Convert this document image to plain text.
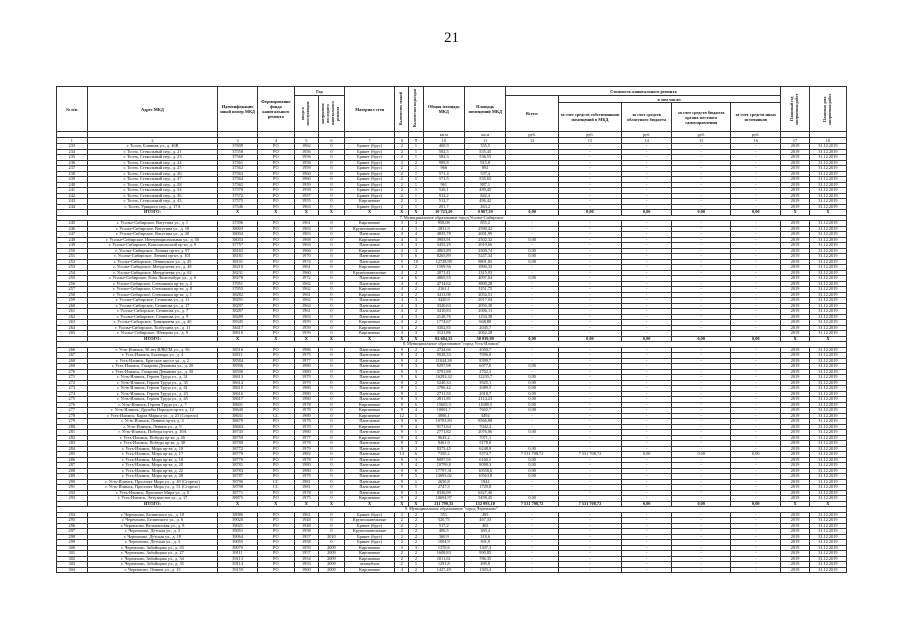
21
№ п/п	Адрес МКД	Идентификацио нный номер МКД	Формирование фонда капитального ремонта	Год		Материал стен	Количество этажей	Количество подъездов	Общая площадь МКД	Площадь помещений МКД	Стоимость капитального ремонта					Плановый год завершения работ	Плановая дата завершения работ
				ввода в эксплуатацию	завершения последнего капитального ремонта						Всего:	в том числе:					
												за счет средств собственников помещений в МКД	за счет средств областного бюджета	за счет средств бюджета органа местного самоуправления	за счет средств иных источников		
									кв.м	кв.м	руб.	руб.	руб.	руб.	руб.		
1	2	3	4	5	6	7	8	9	10	11	12	13	14	15	16	17	18
233	г. Тосно, Блинная ул., д. 46В	37699	РО	1962	0	Брикет (брус)	2	1	400,9	335,5		-	-	-	-	2019	31.12.2019
234	г. Тосно, Стекольный пер., д. 21	37558	РО	1956	0	Брикет (брус)	2	1	582,5	535,45		-	-	-	-	2019	31.12.2019
235	г. Тосно, Стекольный пер., д. 23	37560	РО	1956	0	Брикет (брус)	2	1	582,3	536,55		-	-	-	-	2019	31.12.2019
236	г. Тосно, Стекольный пер., д. 24	37561	РО	1956	0	Брикет (брус)	2	2	989,8	915,8		-	-	-	-	2019	31.12.2019
237	г. Тосно, Стекольный пер., д. 25	37562	РО	1959	0	Брикет (брус)	2	1	966	892		-	-	-	-	2019	31.12.2019
238	г. Тосно, Стекольный пер., д. 26	37563	РО	1960	0	Брикет (брус)	2	1	571,4	537,4		-	-	-	-	2019	31.12.2019
239	г. Тосно, Стекольный пер., д. 27	37564	РО	1960	0	Брикет (брус)	2	1	571,5	535,65		-	-	-	-	2019	31.12.2019
240	г. Тосно, Стекольный пер., д. 28	37565	РО	1959	0	Брикет (брус)	2	1	961	887,1		-	-	-	-	2019	31.12.2019
241	г. Тосно, Стекольный пер., д. 34	37570	РО	1958	0	Брикет (брус)	2	1	526,1	480,45		-	-	-	-	2019	31.12.2019
242	г. Тосно, Стекольный пер., д. 36	37572	РО	1957	0	Брикет (брус)	2	1	912,2	842,4		-	-	-	-	2019	31.12.2019
243	г. Тосно, Стекольный пер., д. 43	37575	РО	1955	0	Кирпичные	2	1	512,7	496,42		-	-	-	-	2019	31.12.2019
244	г. Тосно, Урицкого пер., д. 17А	37546	РО	1963	0	Брикет (брус)	2	1	291,7	263,2		-	-	-	-	2019	31.12.2019
	ИТОГО:	X	X	X	X	X	X	X	10 723,20	9 967,30	0,00	0,00	0,00	0,00	0,00	X	X
7. Муниципальное образование город Усолье-Сибирское																	
245	г. Усолье-Сибирское, Ватутина ул., д. 1	37596	РО	1961	0	Кирпичные	3	3	958,08	855,2	-	-	-	-	-	2019	31.12.2019
246	г. Усолье-Сибирское, Ватутина ул., д. 18	38003	РО	1963	0	Крупнопанельные	4	3	2831,9	2590,42	-	-	-	-	-	2019	31.12.2019
247	г. Усолье-Сибирское, Ватутина ул., д. 20	38004	РО	1963	0	Панельные	4	4	4835,78	2691,99	-	-	-	-	-	2019	31.12.2019
248	г. Усолье-Сибирское, Интернациональная ул., д. 50	38033	РО	1968	0	Кирпичные	4	3	3903,91	2502,32	0,00	-	-	-	-	2019	31.12.2019
249	г. Усолье-Сибирское, Комсомольский пр-кт, д. 9	37757	РО	1963	0	Панельные	4	3	3455,25	2019,66	-	-	-	-	-	2019	31.12.2019
250	г. Усолье-Сибирское, Ленина пр-кт, д. 97	38165	РО	1966	0	Кирпичные	4	3	4863,89	2300,74	0,00	-	-	-	-	2019	31.12.2019
251	г. Усолье-Сибирское, Ленина пр-кт, д. 101	38181	РО	1970	0	Панельные	5	6	8265,89	5247,34	0,00	-	-	-	-	2019	31.12.2019
252	г. Усолье-Сибирское, Ленинского ул., д. 45	38191	РО	1974	0	Панельные	5	10	12728,99	8801,85	0,00	-	-	-	-	2019	31.12.2019
253	г. Усолье-Сибирское, Менделеева ул., д. 48	38210	РО	1961	0	Кирпичные	4	2	1509,56	1890,33	-	-	-	-	-	2019	31.12.2019
254	г. Усолье-Сибирское, Менделеева ул., д. 62	38231	РО	1960	0	Крупнопанельные	4	2	2071,41	1315,93	-	-	-	-	-	2019	31.12.2019
255	г. Усолье-Сибирское, Розы Люксембург ул., д. 6	38278	РО	1972	0	Панельные	4	6	4865,55	4097,04	0,00	-	-	-	-	2019	31.12.2019
256	г. Усолье-Сибирское, Стекляшки пр-кт, д. 2	37951	РО	1962	0	Панельные	4	4	4714,62	3800,28	-	-	-	-	-	2019	31.12.2019
257	г. Усолье-Сибирское, Стекляшки пр-кт, д. 8	37955	РО	1962	0	Кирпичные	4	2	2161,1	1251,75	-	-	-	-	-	2019	31.12.2019
258	г. Усолье-Сибирское, Стекляшки пр-кт, д. 1	38282	РО	1961	0	Кирпичные	4	2	3411,08	2052,51	-	-	-	-	-	2019	31.12.2019
259	г. Усолье-Сибирское, Сечинова ул., д. 11	38291	РО	1962	0	Панельные	4	3	3420,9	2017,04	-	-	-	-	-	2019	31.12.2019
260	г. Усолье-Сибирское, Сечинова ул., д. 17	38297	РО	1964	0	Панельные	4	3	3320,63	2050,38	-	-	-	-	-	2019	31.12.2019
261	г. Усолье-Сибирское, Сечинова ул., д. 7	38287	РО	1961	0	Панельные	4	2	3410,83	2006,11	-	-	-	-	-	2019	31.12.2019
262	г. Усолье-Сибирское, Сечинова ул., д. 9	38289	РО	1963	0	Панельные	4	3	2128,76	1234,38	-	-	-	-	-	2019	31.12.2019
263	г. Усолье-Сибирское, Тимирязева ул., д. 40	38345	РО	1959	0	Кирпичные	4	2	1774,67	668,88	-	-	-	-	-	2019	31.12.2019
264	г. Усолье-Сибирское, Толбухина ул., д. 11	38417	РО	1959	0	Кирпичные	3	2	3302,85	2045,7	-	-	-	-	-	2019	31.12.2019
265	г. Усолье-Сибирское, Шевцова ул., д. 9	38616	РО	1959	0	Кирпичные	4	3	3121,86	2062,28	-	-	-	-	-	2019	31.12.2019
	ИТОГО:	X	X	X	X	X	X	X	82 684,15	50 839,99	0,00	0,00	0,00	0,00	0,00	X	X
8. Муниципальное образование "город Усть-Илимск"																	
266	г. Усть-Илимск, 50 лет ВЛКСМ ул., д. 56	38516	РО	1986	0	Панельные	9	2	2724,66	2050,7	-	-	-	-	-	2019	31.12.2019
267	г. Усть-Илимск, Богатырь ул., д. 4	38511	РО	1975	0	Панельные	9	4	9028,33	7096,8	-	-	-	-	-	2019	31.12.2019
268	г. Усть-Илимск, Братское шоссе ул., д. 2	38584	РО	1977	0	Панельные	9	4	11044,38	8399,7	-	-	-	-	-	2019	31.12.2019
269	г. Усть-Илимск, Гагарина Деканова ул., д. 20	38596	РО	1980	0	Панельные	9	3	8297,98	6077,6	0,00	-	-	-	-	2019	31.12.2019
270	г. Усть-Илимск, Гагарина Деканова ул., д. 30	38598	РО	1980	0	Панельные	9	3	3791,88	2702,3	-	-	-	-	-	2019	31.12.2019
271	г. Усть-Илимск, Героев Труда ул., д. 31	38613	РО	1979	0	Панельные	9	6	16293,32	12235,7	0,00	-	-	-	-	2019	31.12.2019
272	г. Усть-Илимск, Героев Труда ул., д. 35	38614	РО	1979	0	Панельные	9	2	5240,33	3925,1	0,00	-	-	-	-	2019	31.12.2019
273	г. Усть-Илимск, Героев Труда ул., д. 41	38615	РО	1980	0	Панельные	9	1	2780,42	2089,5	0,00	-	-	-	-	2019	31.12.2019
274	г. Усть-Илимск, Героев Труда ул., д. 43	38616	РО	1980	0	Панельные	9	1	2711,53	2018,7	0,00	-	-	-	-	2019	31.12.2019
275	г. Усть-Илимск, Героев Труда ул., д. 45	38617	РО	1980	0	Панельные	9	3	2811,85	2114,23	0,00	-	-	-	-	2019	31.12.2019
276	г. Усть-Илимск, Героев Труда ул., д. 7	38601	РО	1978	0	Кирпичные	9	6	15603,3	11689,5	0,00	-	-	-	-	2019	31.12.2019
277	г. Усть-Илимск, Дружбы Народов пр-кт, д. 12	38640	РО	1978	0	Кирпичные	9	4	10001,7	7602,7	0,00	-	-	-	-	2019	31.12.2019
278	г. Усть-Илимск, Карла Маркса ул., д. 23 (Сгорело)	38631	СС	1989	0	Кирпичные	12	1	3806,1	3492	-	-	-	-	-	2019	31.12.2019
279	г. Усть-Илимск, Ленина пр-кт, д. 4	38679	РО	1978	0	Панельные	9	6	10703,83	8566,88	-	-	-	-	-	2019	31.12.2019
280	г. Усть-Илимск, Ленина ул., д. 9	38684	РО	1970	0	Кирпичные	9	4	9171,64	7042,4	-	-	-	-	-	2019	31.12.2019
281	г. Усть-Илимск, Победы пр-кт, д. 10А	38745	РО	1980	0	Панельные	9	1	2771,82	2076,06	0,00	-	-	-	-	2019	31.12.2019
282	г. Усть-Илимск, Победы пр-кт, д. 26	38759	РО	1977	0	Кирпичные	9	4	9643,2	7071,1	-	-	-	-	-	2019	31.12.2019
283	г. Усть-Илимск, Победы пр-кт, д. 38	38780	РО	1978	0	Панельные	9	3	9461,9	5178,8	-	-	-	-	-	2019	31.12.2019
284	г. Усть-Илимск, Мира пр-кт, д. 10	38772	РО	1979	0	Панельные	9	3	8375,45	6248,9	0,00	-	-	-	-	2019	31.12.2019
285	г. Усть-Илимск, Мира пр-кт, д. 17	38778	РО	1982	0	Панельные	14	6	7350,2	5574,7	7 531 708,72	7 531 708,72	0,00	0,00	0,00	2019	31.12.2019
286	г. Усть-Илимск, Мира пр-кт, д. 18	38779	РО	1978	0	Панельные	9	3	8097,95	6160,5	0,00	-	-	-	-	2019	31.12.2019
287	г. Усть-Илимск, Мира пр-кт, д. 20	38781	РО	1980	0	Панельные	9	4	10799,8	8098,3	0,00	-	-	-	-	2019	31.12.2019
288	г. Усть-Илимск, Мира пр-кт, д. 22	38783	РО	1980	0	Панельные	9	6	17797,31	10558,6	0,00	-	-	-	-	2019	31.12.2019
289	г. Усть-Илимск, Мира пр-кт, д. 28	38787	РО	1979	0	Панельные	9	5	13693,02	10563,8	0,00	-	-	-	-	2019	31.12.2019
290	г. Усть-Илимск, Проспект Мира ул., д. 49 (Сгорело)	38796	СС	1981	0	Панельные	9	1	2650,8	1844	-	-	-	-	-	2019	31.12.2019
291	г. Усть-Илимск, Проспект Мира ул., д. 51 (Сгорело)	38798	СС	1981	0	Панельные	9	1	2747,5	1729,8	-	-	-	-	-	2019	31.12.2019
292	г. Усть-Илимск, Проспект Мира ул., д. 8	38771	РО	1978	0	Панельные	9	3	8336,99	6327,46	-	-	-	-	-	2019	31.12.2019
293	г. Усть-Илимск, Энтузиастов ул., д. 17	38875	РО	1975	0	Кирпичные	9	2	10694,97	5459,45	0,00	-	-	-	-	2019	31.12.2019
	ИТОГО:	X	X	X	X	X	X	X	211 799,35	152 993,18	7 531 708,72	7 531 708,72	0,00	0,00	0,00	X	X
9. Муниципальное образование "город Черемхово"																	
294	г. Черемхово, Белинского ул., д. 18	38986	РО	1961	0	Брикет (брус)	2	2	551	495	-	-	-	-	-	2019	31.12.2019
295	г. Черемхово, Белинского ул., д. 6	39020	РО	1948	0	Крупнопанельные	2	2	520,75	467,33	-	-	-	-	-	2019	31.12.2019
296	г. Черемхово, Вельманская ул., д. 8	39021	РО	1948	0	Брикет (брус)	2	2	517,2	463	-	-	-	-	-	2019	31.12.2019
297	г. Черемхово, Детская ул., д. 3	39051	РО	1958	0	Крупнопанельные	2	2	406,5	369,4	-	-	-	-	-	2019	31.12.2019
298	г. Черемхово, Детская ул., д. 18	39064	РО	1957	2010	Брикет (брус)	2	2	360,9	318,6	-	-	-	-	-	2019	31.12.2019
299	г. Черемхово, Детская ул., д. 3	39055	РО	1958	0	Брикет (брус)	2	2	1004,9	391,9	-	-	-	-	-	2019	31.12.2019
300	г. Черемхово, Забойщика ул., д. 33	39070	РО	1959	2009	Кирпичные	3	3	1370,6	1307,3	-	-	-	-	-	2019	31.12.2019
301	г. Черемхово, Забойщика ул., д. 27	39111	РО	1957	2009	Кирпичные	2	2	1608,83	990,85	-	-	-	-	-	2019	31.12.2019
302	г. Черемхово, Забойщика ул., д. 34	39113	РО	1954	2009	Кирпичные	2	2	1011,61	786,35	-	-	-	-	-	2019	31.12.2019
303	г. Черемхово, Забойщика ул., д. 35	39114	РО	1953	2009	шлакоблок	2	1	1291,8	499,8	-	-	-	-	-	2019	31.12.2019
304	г. Черемхово, Ленина ул., д. 15	39155	РО	1960	2009	Кирпичные	4	2	1427,49	1303,4	-	-	-	-	-	2019	31.12.2019
